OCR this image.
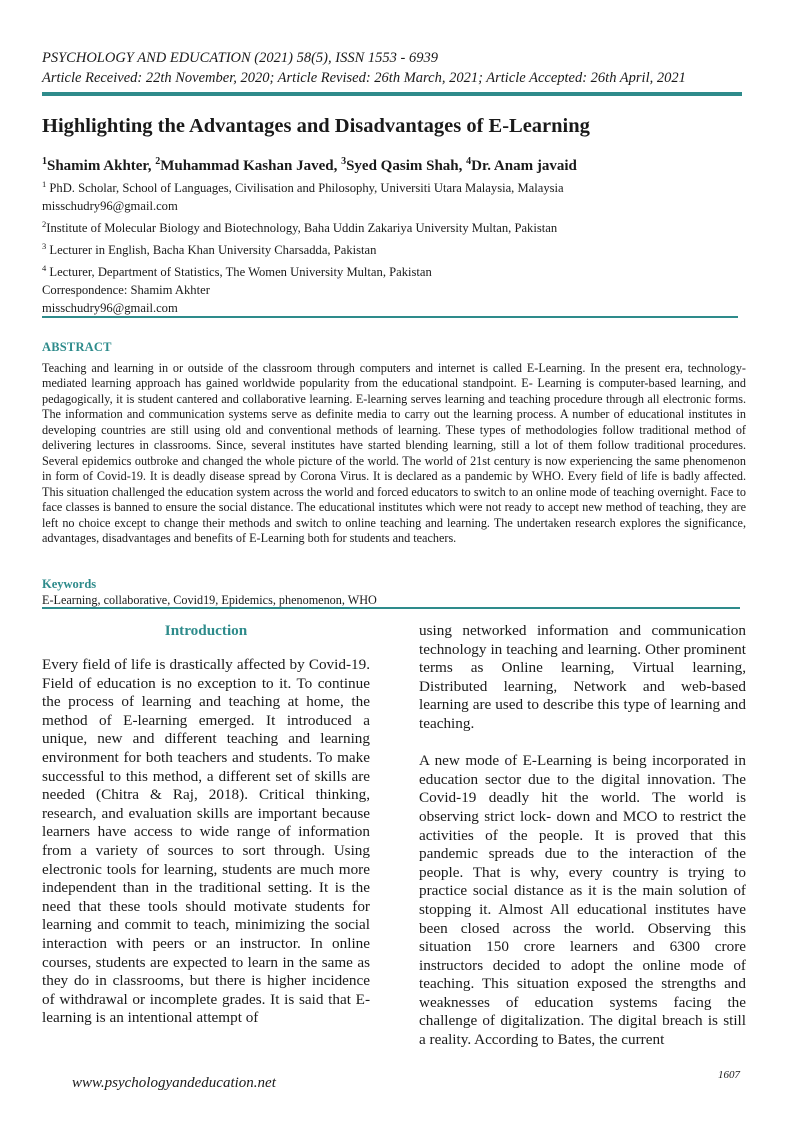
PSYCHOLOGY AND EDUCATION (2021) 58(5), ISSN 1553 - 6939
Article Received: 22th November, 2020; Article Revised: 26th March, 2021; Article Accepted: 26th April, 2021
Highlighting the Advantages and Disadvantages of E-Learning
$^1$Shamim Akhter, $^2$Muhammad Kashan Javed, $^3$Syed Qasim Shah, $^4$Dr. Anam javaid
$^1$ PhD. Scholar, School of Languages, Civilisation and Philosophy, Universiti Utara Malaysia, Malaysia
misschudry96@gmail.com
$^2$Institute of Molecular Biology and Biotechnology, Baha Uddin Zakariya University Multan, Pakistan
$^3$ Lecturer in English, Bacha Khan University Charsadda, Pakistan
$^4$ Lecturer, Department of Statistics, The Women University Multan, Pakistan
Correspondence: Shamim Akhter
misschudry96@gmail.com
ABSTRACT
Teaching and learning in or outside of the classroom through computers and internet is called E-Learning. In the present era, technology-mediated learning approach has gained worldwide popularity from the educational standpoint. E- Learning is computer-based learning, and pedagogically, it is student cantered and collaborative learning. E-learning serves learning and teaching procedure through all electronic forms. The information and communication systems serve as definite media to carry out the learning process. A number of educational institutes in developing countries are still using old and conventional methods of learning. These types of methodologies follow traditional method of delivering lectures in classrooms. Since, several institutes have started blending learning, still a lot of them follow traditional procedures. Several epidemics outbroke and changed the whole picture of the world. The world of 21st century is now experiencing the same phenomenon in form of Covid-19. It is deadly disease spread by Corona Virus. It is declared as a pandemic by WHO. Every field of life is badly affected. This situation challenged the education system across the world and forced educators to switch to an online mode of teaching overnight. Face to face classes is banned to ensure the social distance. The educational institutes which were not ready to accept new method of teaching, they are left no choice except to change their methods and switch to online teaching and learning. The undertaken research explores the significance, advantages, disadvantages and benefits of E-Learning both for students and teachers.
Keywords
E-Learning, collaborative, Covid19, Epidemics, phenomenon, WHO
Introduction

Every field of life is drastically affected by Covid-19. Field of education is no exception to it. To continue the process of learning and teaching at home, the method of E-learning emerged. It introduced a unique, new and different teaching and learning environment for both teachers and students. To make successful to this method, a different set of skills are needed (Chitra & Raj, 2018). Critical thinking, research, and evaluation skills are important because learners have access to wide range of information from a variety of sources to sort through. Using electronic tools for learning, students are much more independent than in the traditional setting. It is the need that these tools should motivate students for learning and commit to teach, minimizing the social interaction with peers or an instructor. In online courses, students are expected to learn in the same as they do in classrooms, but there is higher incidence of withdrawal or incomplete grades. It is said that E-learning is an intentional attempt of

using networked information and communication technology in teaching and learning. Other prominent terms as Online learning, Virtual learning, Distributed learning, Network and web-based learning are used to describe this type of learning and teaching.

A new mode of E-Learning is being incorporated in education sector due to the digital innovation. The Covid-19 deadly hit the world. The world is observing strict lock- down and MCO to restrict the activities of the people. It is proved that this pandemic spreads due to the interaction of the people. That is why, every country is trying to practice social distance as it is the main solution of stopping it. Almost All educational institutes have been closed across the world. Observing this situation 150 crore learners and 6300 crore instructors decided to adopt the online mode of teaching. This situation exposed the strengths and weaknesses of education systems facing the challenge of digitalization. The digital breach is still a reality. According to Bates, the current

www.psychologyandeducation.net	1607
